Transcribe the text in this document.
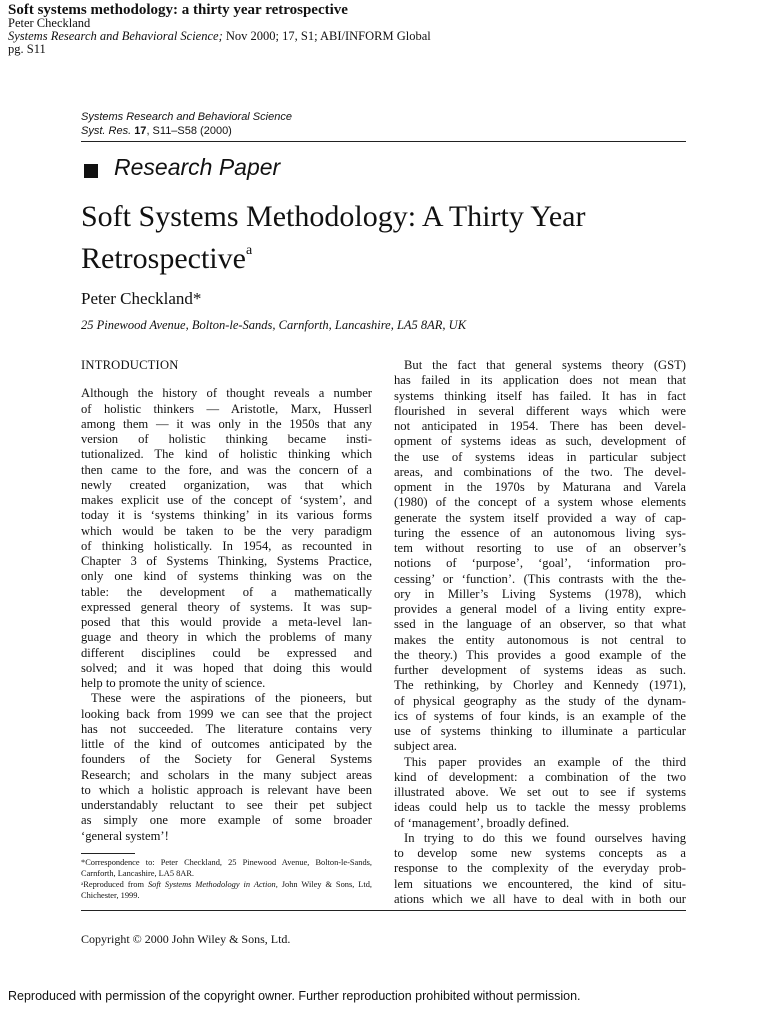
Soft systems methodology: a thirty year retrospective
Peter Checkland
Systems Research and Behavioral Science; Nov 2000; 17, S1; ABI/INFORM Global
pg. S11
Systems Research and Behavioral Science
Syst. Res. 17, S11–S58 (2000)
Research Paper
Soft Systems Methodology: A Thirty Year
Retrospective$^a$
Peter Checkland*
25 Pinewood Avenue, Bolton-le-Sands, Carnforth, Lancashire, LA5 8AR, UK
INTRODUCTION
Although the history of thought reveals a number
of holistic thinkers — Aristotle, Marx, Husserl
among them — it was only in the 1950s that any
version of holistic thinking became insti-
tutionalized. The kind of holistic thinking which
then came to the fore, and was the concern of a
newly created organization, was that which
makes explicit use of the concept of ‘system’, and
today it is ‘systems thinking’ in its various forms
which would be taken to be the very paradigm
of thinking holistically. In 1954, as recounted in
Chapter 3 of Systems Thinking, Systems Practice,
only one kind of systems thinking was on the
table: the development of a mathematically
expressed general theory of systems. It was sup-
posed that this would provide a meta-level lan-
guage and theory in which the problems of many
different disciplines could be expressed and
solved; and it was hoped that doing this would
help to promote the unity of science.
These were the aspirations of the pioneers, but
looking back from 1999 we can see that the project
has not succeeded. The literature contains very
little of the kind of outcomes anticipated by the
founders of the Society for General Systems
Research; and scholars in the many subject areas
to which a holistic approach is relevant have been
understandably reluctant to see their pet subject
as simply one more example of some broader
‘general system’!
But the fact that general systems theory (GST)
has failed in its application does not mean that
systems thinking itself has failed. It has in fact
flourished in several different ways which were
not anticipated in 1954. There has been devel-
opment of systems ideas as such, development of
the use of systems ideas in particular subject
areas, and combinations of the two. The devel-
opment in the 1970s by Maturana and Varela
(1980) of the concept of a system whose elements
generate the system itself provided a way of cap-
turing the essence of an autonomous living sys-
tem without resorting to use of an observer’s
notions of ‘purpose’, ‘goal’, ‘information pro-
cessing’ or ‘function’. (This contrasts with the the-
ory in Miller’s Living Systems (1978), which
provides a general model of a living entity expre-
ssed in the language of an observer, so that what
makes the entity autonomous is not central to
the theory.) This provides a good example of the
further development of systems ideas as such.
The rethinking, by Chorley and Kennedy (1971),
of physical geography as the study of the dynam-
ics of systems of four kinds, is an example of the
use of systems thinking to illuminate a particular
subject area.
This paper provides an example of the third
kind of development: a combination of the two
illustrated above. We set out to see if systems
ideas could help us to tackle the messy problems
of ‘management’, broadly defined.
In trying to do this we found ourselves having
to develop some new systems concepts as a
response to the complexity of the everyday prob-
lem situations we encountered, the kind of situ-
ations which we all have to deal with in both our
*Correspondence to: Peter Checkland, 25 Pinewood Avenue, Bolton-le-Sands, Carnforth, Lancashire, LA5 8AR.
ᵃReproduced from Soft Systems Methodology in Action, John Wiley & Sons, Ltd, Chichester, 1999.
Copyright © 2000 John Wiley & Sons, Ltd.
Reproduced with permission of the copyright owner. Further reproduction prohibited without permission.
